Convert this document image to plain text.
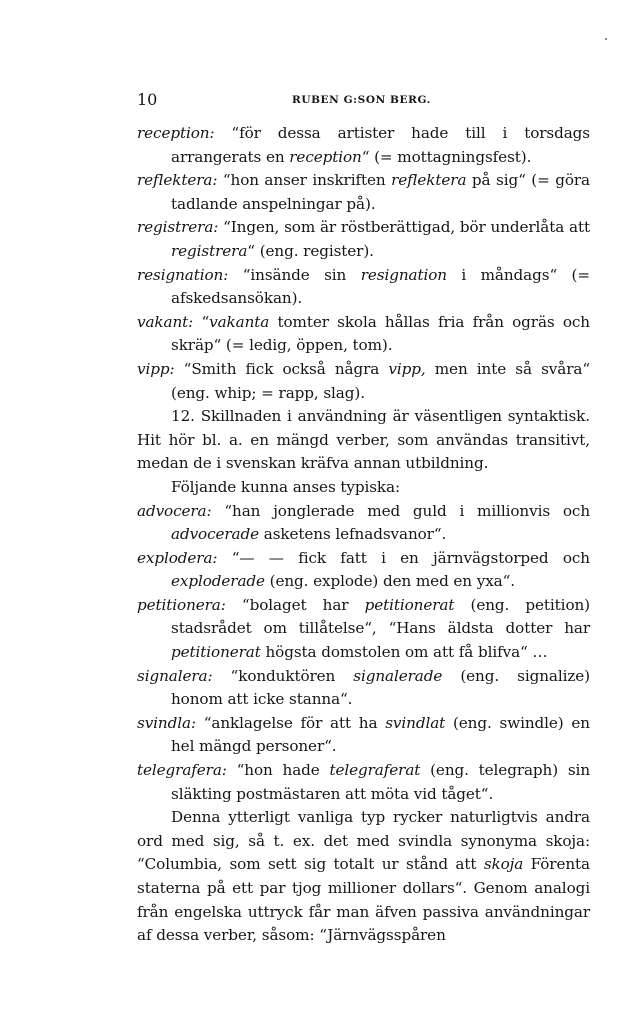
10	RUBEN G:SON BERG.

reception: “för dessa artister hade till i torsdags arrangerats en reception“ (= mottagningsfest).

reflektera: “hon anser inskriften reflektera på sig“ (= göra tadlande anspelningar på).

registrera: “Ingen, som är röstberättigad, bör underlåta att registrera“ (eng. register).

resignation: “insände sin resignation i måndags“ (= afskedsansökan).

vakant: “vakanta tomter skola hållas fria från ogräs och skräp“ (= ledig, öppen, tom).

vipp: “Smith fick också några vipp, men inte så svåra“ (eng. whip; = rapp, slag).

12. Skillnaden i användning är väsentligen syntaktisk. Hit hör bl. a. en mängd verber, som användas transitivt, medan de i svenskan kräfva annan utbildning.

Följande kunna anses typiska:

advocera: “han jonglerade med guld i millionvis och advocerade asketens lefnadsvanor“.

explodera: “— — fick fatt i en järnvägstorped och exploderade (eng. explode) den med en yxa“.

petitionera: “bolaget har petitionerat (eng. petition) stadsrådet om tillåtelse“, “Hans äldsta dotter har petitionerat högsta domstolen om att få blifva“ …

signalera: “konduktören signalerade (eng. signalize) honom att icke stanna“.

svindla: “anklagelse för att ha svindlat (eng. swindle) en hel mängd personer“.

telegrafera: “hon hade telegraferat (eng. telegraph) sin släkting postmästaren att möta vid tåget“.

Denna ytterligt vanliga typ rycker naturligtvis andra ord med sig, så t. ex. det med svindla synonyma skoja: “Columbia, som sett sig totalt ur stånd att skoja Förenta staterna på ett par tjog millioner dollars“. Genom analogi från engelska uttryck får man äfven passiva användningar af dessa verber, såsom: “Järnvägsspåren
